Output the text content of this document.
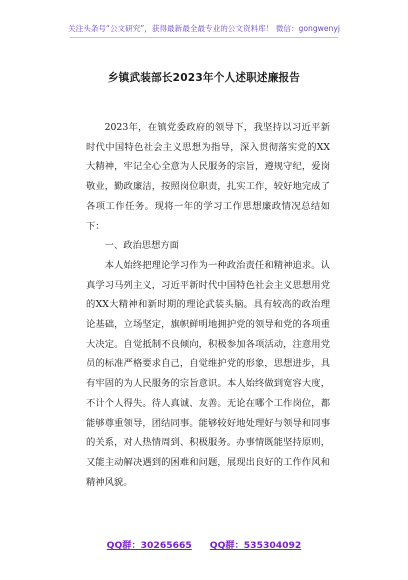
关注头条号“公文研究”，获得最新最全最专业的公文资料库！ 微信：gongwenyj
乡镇武装部长2023年个人述职述廉报告

2023年，在镇党委政府的领导下，我坚持以习近平新时代中国特色社会主义思想为指导，深入贯彻落实党的XX大精神，牢记全心全意为人民服务的宗旨，遵规守纪，爱岗敬业，勤政廉洁，按照岗位职责，扎实工作，较好地完成了各项工作任务。现将一年的学习工作思想廉政情况总结如下：

一、政治思想方面

本人始终把理论学习作为一种政治责任和精神追求。认真学习马列主义，习近平新时代中国特色社会主义思想用党的XX大精神和新时期的理论武装头脑。具有较高的政治理论基础，立场坚定，旗帜鲜明地拥护党的领导和党的各项重大决定。自觉抵制不良倾向，积极参加各项活动，注意用党员的标准严格要求自己，自觉维护党的形象，思想进步，具有牢固的为人民服务的宗旨意识。本人始终做到宽容大度，不计个人得失。待人真诚、友善。无论在哪个工作岗位，都能够尊重领导，团结同事。能够较好地处理好与领导和同事的关系，对人热情周到、积极服务。办事情既能坚持原则，又能主动解决遇到的困难和问题，展现出良好的工作作风和精神风貌。

QQ群：30265665 QQ群：535304092
